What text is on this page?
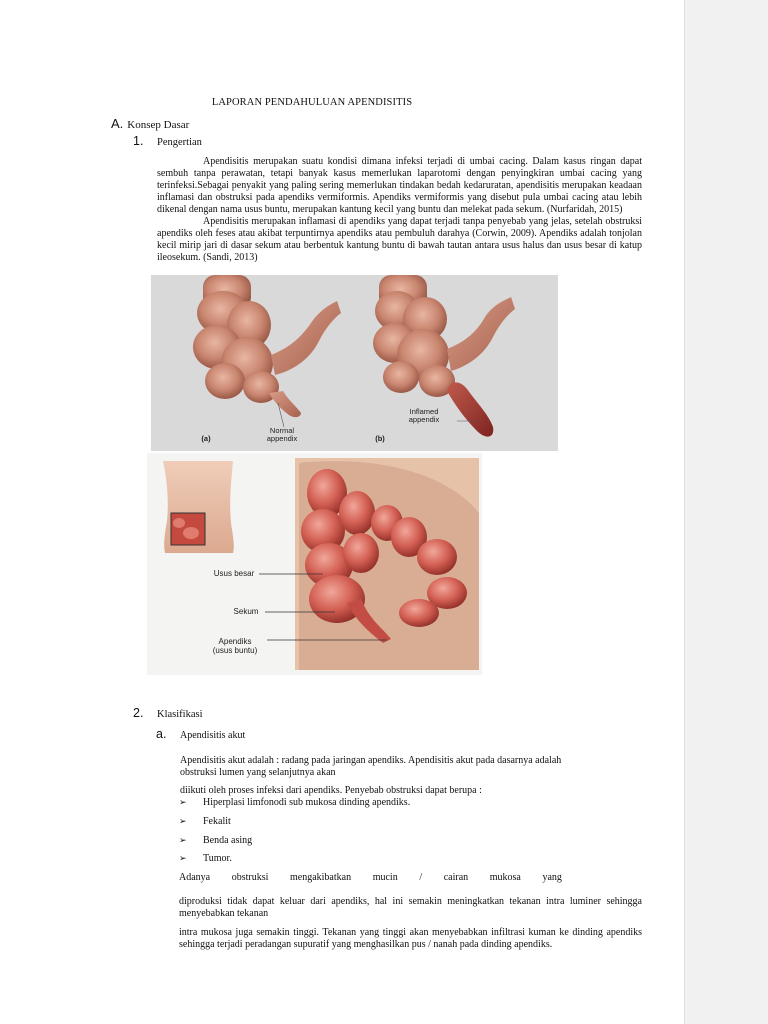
LAPORAN PENDAHULUAN APENDISITIS
A. Konsep Dasar
1. Pengertian

Apendisitis merupakan suatu kondisi dimana infeksi terjadi di umbai cacing. Dalam kasus ringan dapat sembuh tanpa perawatan, tetapi banyak kasus memerlukan laparotomi dengan penyingkiran umbai cacing yang terinfeksi.Sebagai penyakit yang paling sering memerlukan tindakan bedah kedaruratan, apendisitis merupakan keadaan inflamasi dan obstruksi pada apendiks vermiformis. Apendiks vermiformis yang disebut pula umbai cacing atau lebih dikenal dengan nama usus buntu, merupakan kantung kecil yang buntu dan melekat pada sekum. (Nurfaridah, 2015)

Apendisitis merupakan inflamasi di apendiks yang dapat terjadi tanpa penyebab yang jelas, setelah obstruksi apendiks oleh feses atau akibat terpuntirnya apendiks atau pembuluh darahya (Corwin, 2009). Apendiks adalah tonjolan kecil mirip jari di dasar sekum atau berbentuk kantung buntu di bawah tautan antara usus halus dan usus besar di katup ileosekum. (Sandi, 2013)

Normal appendix
Inflamed appendix
(a)	(b)
Usus besar
Sekum
Apendiks
(usus buntu)
2. Klasifikasi
a. Apendisitis akut
Apendisitis akut adalah : radang pada jaringan apendiks. Apendisitis akut pada dasarnya adalah
obstruksi lumen yang selanjutnya akan
diikuti oleh proses infeksi dari apendiks. Penyebab obstruksi dapat berupa :
➢ Hiperplasi limfonodi sub mukosa dinding apendiks.
➢ Fekalit
➢ Benda asing
➢ Tumor.
Adanya obstruksi mengakibatkan mucin / cairan mukosa yang
diproduksi tidak dapat keluar dari apendiks, hal ini semakin meningkatkan tekanan intra luminer sehingga menyebabkan tekanan
intra mukosa juga semakin tinggi. Tekanan yang tinggi akan menyebabkan infiltrasi kuman ke dinding apendiks sehingga terjadi peradangan supuratif yang menghasilkan pus / nanah pada dinding apendiks.
